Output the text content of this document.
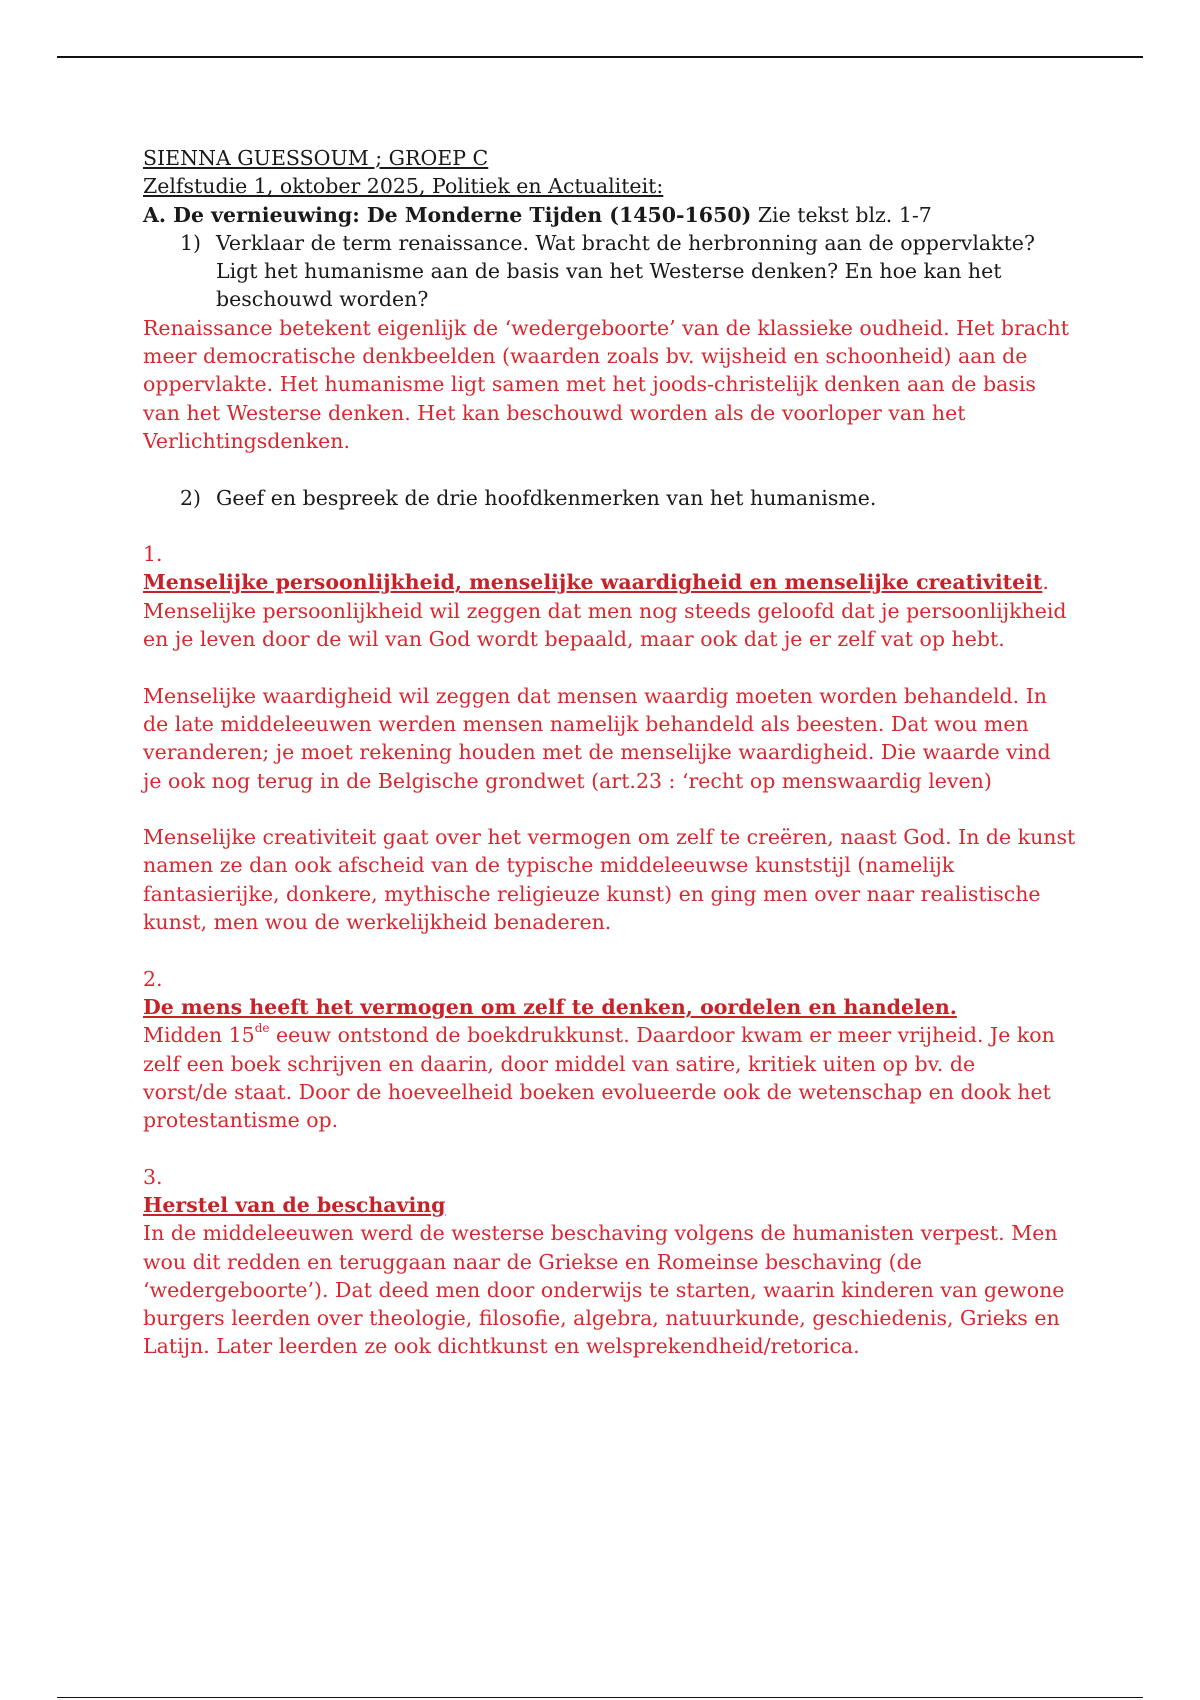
SIENNA GUESSOUM ; GROEP C
Zelfstudie 1, oktober 2025, Politiek en Actualiteit:
A. De vernieuwing: De Monderne Tijden (1450-1650) Zie tekst blz. 1-7
1) Verklaar de term renaissance. Wat bracht de herbronning aan de oppervlakte?
Ligt het humanisme aan de basis van het Westerse denken? En hoe kan het
beschouwd worden?
Renaissance betekent eigenlijk de ‘wedergeboorte’ van de klassieke oudheid. Het bracht
meer democratische denkbeelden (waarden zoals bv. wijsheid en schoonheid) aan de
oppervlakte. Het humanisme ligt samen met het joods-christelijk denken aan de basis
van het Westerse denken. Het kan beschouwd worden als de voorloper van het
Verlichtingsdenken.
2) Geef en bespreek de drie hoofdkenmerken van het humanisme.
1.
Menselijke persoonlijkheid, menselijke waardigheid en menselijke creativiteit.
Menselijke persoonlijkheid wil zeggen dat men nog steeds geloofd dat je persoonlijkheid
en je leven door de wil van God wordt bepaald, maar ook dat je er zelf vat op hebt.
Menselijke waardigheid wil zeggen dat mensen waardig moeten worden behandeld. In
de late middeleeuwen werden mensen namelijk behandeld als beesten. Dat wou men
veranderen; je moet rekening houden met de menselijke waardigheid. Die waarde vind
je ook nog terug in de Belgische grondwet (art.23 : ‘recht op menswaardig leven)
Menselijke creativiteit gaat over het vermogen om zelf te creëren, naast God. In de kunst
namen ze dan ook afscheid van de typische middeleeuwse kunststijl (namelijk
fantasierijke, donkere, mythische religieuze kunst) en ging men over naar realistische
kunst, men wou de werkelijkheid benaderen.
2.
De mens heeft het vermogen om zelf te denken, oordelen en handelen.
Midden 15de eeuw ontstond de boekdrukkunst. Daardoor kwam er meer vrijheid. Je kon
zelf een boek schrijven en daarin, door middel van satire, kritiek uiten op bv. de
vorst/de staat. Door de hoeveelheid boeken evolueerde ook de wetenschap en dook het
protestantisme op.
3.
Herstel van de beschaving
In de middeleeuwen werd de westerse beschaving volgens de humanisten verpest. Men
wou dit redden en teruggaan naar de Griekse en Romeinse beschaving (de
‘wedergeboorte’). Dat deed men door onderwijs te starten, waarin kinderen van gewone
burgers leerden over theologie, filosofie, algebra, natuurkunde, geschiedenis, Grieks en
Latijn. Later leerden ze ook dichtkunst en welsprekendheid/retorica.
